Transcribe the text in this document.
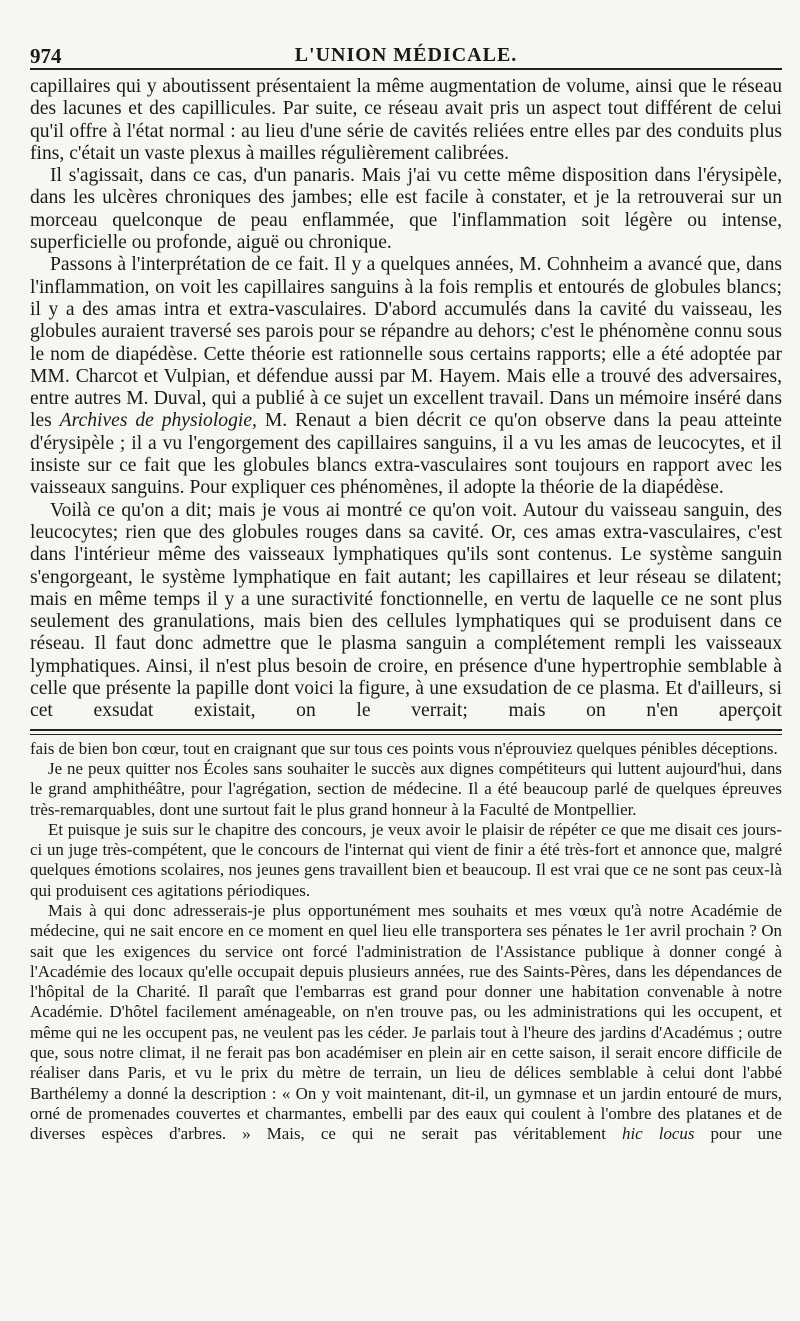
974	L'UNION MÉDICALE.

capillaires qui y aboutissent présentaient la même augmentation de volume, ainsi que le réseau des lacunes et des capillicules. Par suite, ce réseau avait pris un aspect tout différent de celui qu'il offre à l'état normal : au lieu d'une série de cavités reliées entre elles par des conduits plus fins, c'était un vaste plexus à mailles régulièrement calibrées.

Il s'agissait, dans ce cas, d'un panaris. Mais j'ai vu cette même disposition dans l'érysipèle, dans les ulcères chroniques des jambes; elle est facile à constater, et je la retrouverai sur un morceau quelconque de peau enflammée, que l'inflammation soit légère ou intense, superficielle ou profonde, aiguë ou chronique.

Passons à l'interprétation de ce fait. Il y a quelques années, M. Cohnheim a avancé que, dans l'inflammation, on voit les capillaires sanguins à la fois remplis et entourés de globules blancs; il y a des amas intra et extra-vasculaires. D'abord accumulés dans la cavité du vaisseau, les globules auraient traversé ses parois pour se répandre au dehors; c'est le phénomène connu sous le nom de diapédèse. Cette théorie est rationnelle sous certains rapports; elle a été adoptée par MM. Charcot et Vulpian, et défendue aussi par M. Hayem. Mais elle a trouvé des adversaires, entre autres M. Duval, qui a publié à ce sujet un excellent travail. Dans un mémoire inséré dans les Archives de physiologie, M. Renaut a bien décrit ce qu'on observe dans la peau atteinte d'érysipèle ; il a vu l'engorgement des capillaires sanguins, il a vu les amas de leucocytes, et il insiste sur ce fait que les globules blancs extra-vasculaires sont toujours en rapport avec les vaisseaux sanguins. Pour expliquer ces phénomènes, il adopte la théorie de la diapédèse.

Voilà ce qu'on a dit; mais je vous ai montré ce qu'on voit. Autour du vaisseau sanguin, des leucocytes; rien que des globules rouges dans sa cavité. Or, ces amas extra-vasculaires, c'est dans l'intérieur même des vaisseaux lymphatiques qu'ils sont contenus. Le système sanguin s'engorgeant, le système lymphatique en fait autant; les capillaires et leur réseau se dilatent; mais en même temps il y a une suractivité fonctionnelle, en vertu de laquelle ce ne sont plus seulement des granulations, mais bien des cellules lymphatiques qui se produisent dans ce réseau. Il faut donc admettre que le plasma sanguin a complétement rempli les vaisseaux lymphatiques. Ainsi, il n'est plus besoin de croire, en présence d'une hypertrophie semblable à celle que présente la papille dont voici la figure, à une exsudation de ce plasma. Et d'ailleurs, si cet exsudat existait, on le verrait; mais on n'en aperçoit

fais de bien bon cœur, tout en craignant que sur tous ces points vous n'éprouviez quelques pénibles déceptions.

Je ne peux quitter nos Écoles sans souhaiter le succès aux dignes compétiteurs qui luttent aujourd'hui, dans le grand amphithéâtre, pour l'agrégation, section de médecine. Il a été beaucoup parlé de quelques épreuves très-remarquables, dont une surtout fait le plus grand honneur à la Faculté de Montpellier.

Et puisque je suis sur le chapitre des concours, je veux avoir le plaisir de répéter ce que me disait ces jours-ci un juge très-compétent, que le concours de l'internat qui vient de finir a été très-fort et annonce que, malgré quelques émotions scolaires, nos jeunes gens travaillent bien et beaucoup. Il est vrai que ce ne sont pas ceux-là qui produisent ces agitations périodiques.

Mais à qui donc adresserais-je plus opportunément mes souhaits et mes vœux qu'à notre Académie de médecine, qui ne sait encore en ce moment en quel lieu elle transportera ses pénates le 1er avril prochain ? On sait que les exigences du service ont forcé l'administration de l'Assistance publique à donner congé à l'Académie des locaux qu'elle occupait depuis plusieurs années, rue des Saints-Pères, dans les dépendances de l'hôpital de la Charité. Il paraît que l'embarras est grand pour donner une habitation convenable à notre Académie. D'hôtel facilement aménageable, on n'en trouve pas, ou les administrations qui les occupent, et même qui ne les occupent pas, ne veulent pas les céder. Je parlais tout à l'heure des jardins d'Académus ; outre que, sous notre climat, il ne ferait pas bon académiser en plein air en cette saison, il serait encore difficile de réaliser dans Paris, et vu le prix du mètre de terrain, un lieu de délices semblable à celui dont l'abbé Barthélemy a donné la description : « On y voit maintenant, dit-il, un gymnase et un jardin entouré de murs, orné de promenades couvertes et charmantes, embelli par des eaux qui coulent à l'ombre des platanes et de diverses espèces d'arbres. » Mais, ce qui ne serait pas véritablement hic locus pour une
